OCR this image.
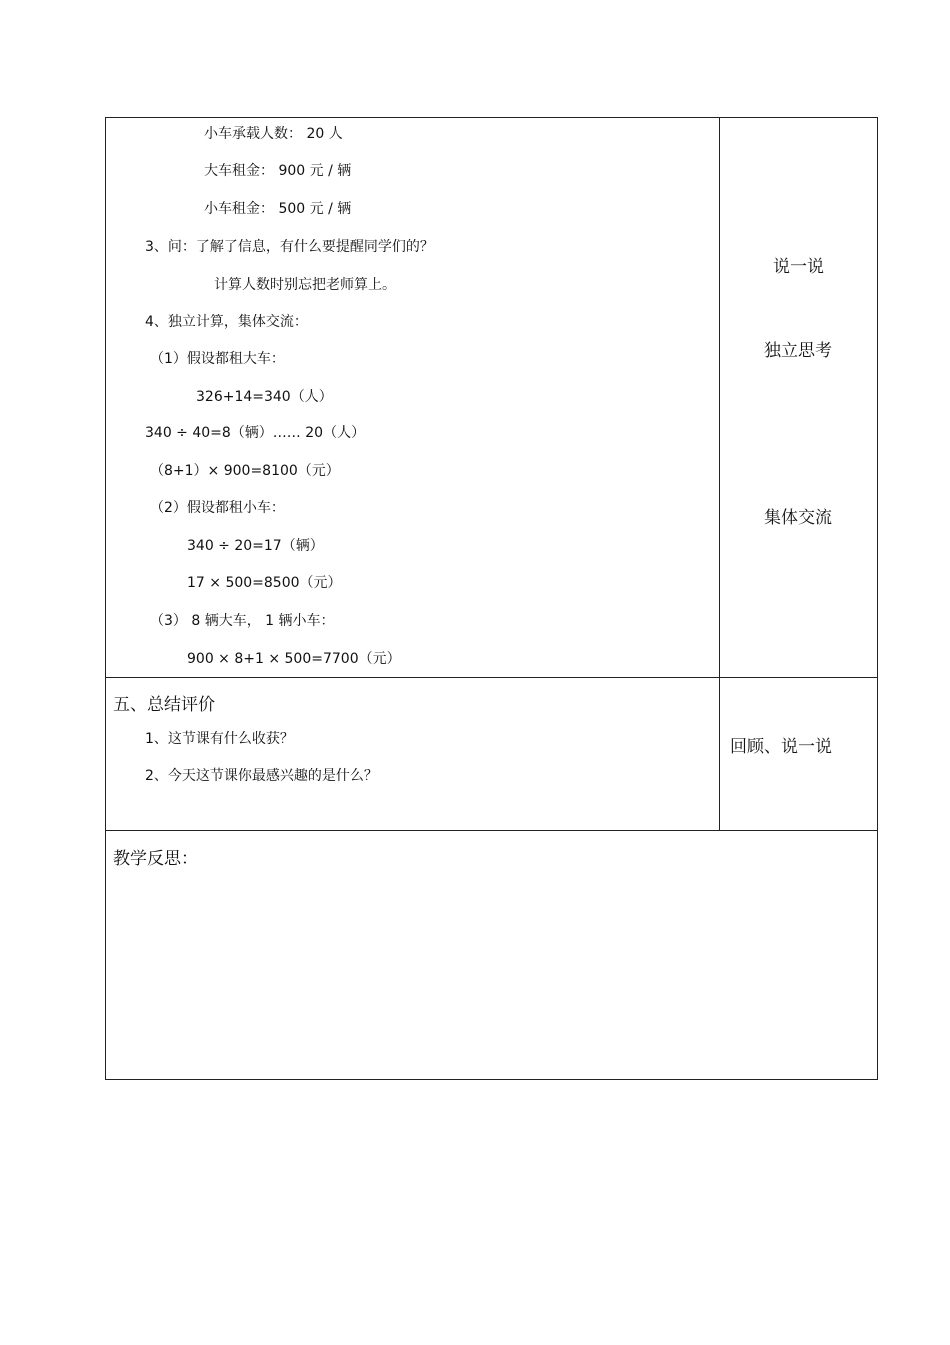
小车承载人数： 20 人
大车租金： 900 元 / 辆
小车租金： 500 元 / 辆
3、问：了解了信息，有什么要提醒同学们的？
计算人数时别忘把老师算上。
4、独立计算，集体交流：
（1）假设都租大车：
326+14=340（人）
340 ÷ 40=8（辆）…… 20（人）
（8+1）× 900=8100（元）
（2）假设都租小车：
340 ÷ 20=17（辆）
17 × 500=8500（元）
（3） 8 辆大车， 1 辆小车：
900 × 8+1 × 500=7700（元）
说一说
独立思考
集体交流
五、总结评价
1、这节课有什么收获？
2、今天这节课你最感兴趣的是什么？
回顾、说一说
教学反思：
